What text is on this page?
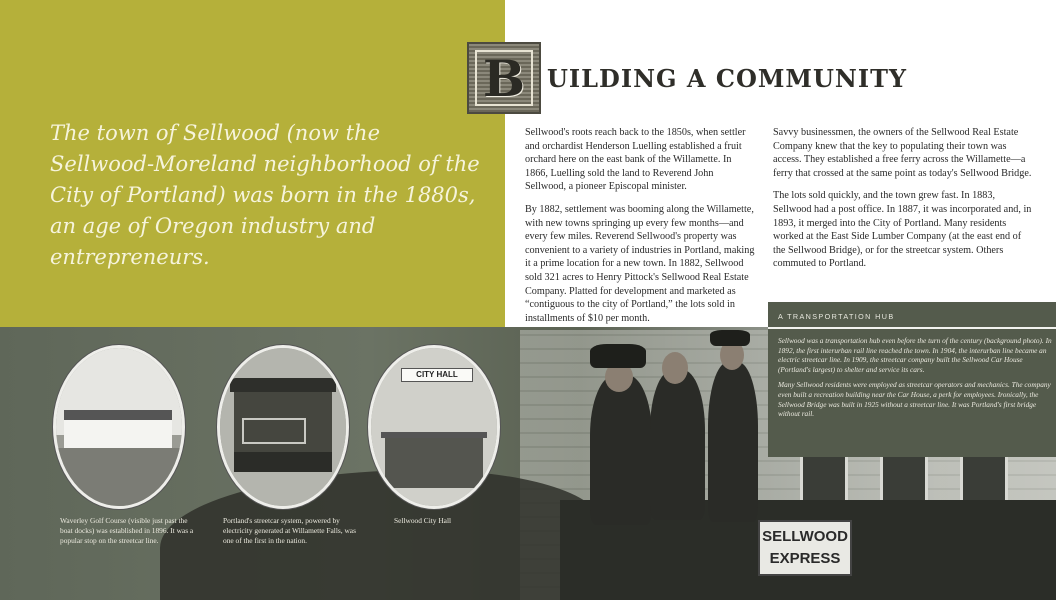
The town of Sellwood (now the Sellwood-Moreland neighborhood of the City of Portland) was born in the 1880s, an age of Oregon industry and entrepreneurs.

B UILDING A COMMUNITY

Sellwood's roots reach back to the 1850s, when settler and orchardist Henderson Luelling established a fruit orchard here on the east bank of the Willamette. In 1866, Luelling sold the land to Reverend John Sellwood, a pioneer Episcopal minister.

By 1882, settlement was booming along the Willamette, with new towns springing up every few months—and every few miles. Reverend Sellwood's property was convenient to a variety of industries in Portland, making it a prime location for a new town. In 1882, Sellwood sold 321 acres to Henry Pittock's Sellwood Real Estate Company. Platted for development and marketed as “contiguous to the city of Portland,” the lots sold in installments of $10 per month.

Savvy businessmen, the owners of the Sellwood Real Estate Company knew that the key to populating their town was access. They established a free ferry across the Willamette—a ferry that crossed at the same point as today's Sellwood Bridge.

The lots sold quickly, and the town grew fast. In 1883, Sellwood had a post office. In 1887, it was incorporated and, in 1893, it merged into the City of Portland. Many residents worked at the East Side Lumber Company (at the east end of the Sellwood Bridge), or for the streetcar system. Others commuted to Portland.

SELLWOOD
EXPRESS
CITY HALL

Waverley Golf Course (visible just past the boat docks) was established in 1896. It was a popular stop on the streetcar line.

Portland's streetcar system, powered by electricity generated at Willamette Falls, was one of the first in the nation.

Sellwood City Hall

A TRANSPORTATION HUB

Sellwood was a transportation hub even before the turn of the century (background photo). In 1892, the first interurban rail line reached the town. In 1904, the interurban line became an electric streetcar line. In 1909, the streetcar company built the Sellwood Car House (Portland's largest) to shelter and service its cars.

Many Sellwood residents were employed as streetcar operators and mechanics. The company even built a recreation building near the Car House, a perk for employees. Ironically, the Sellwood Bridge was built in 1925 without a streetcar line. It was Portland's first bridge without rail.
